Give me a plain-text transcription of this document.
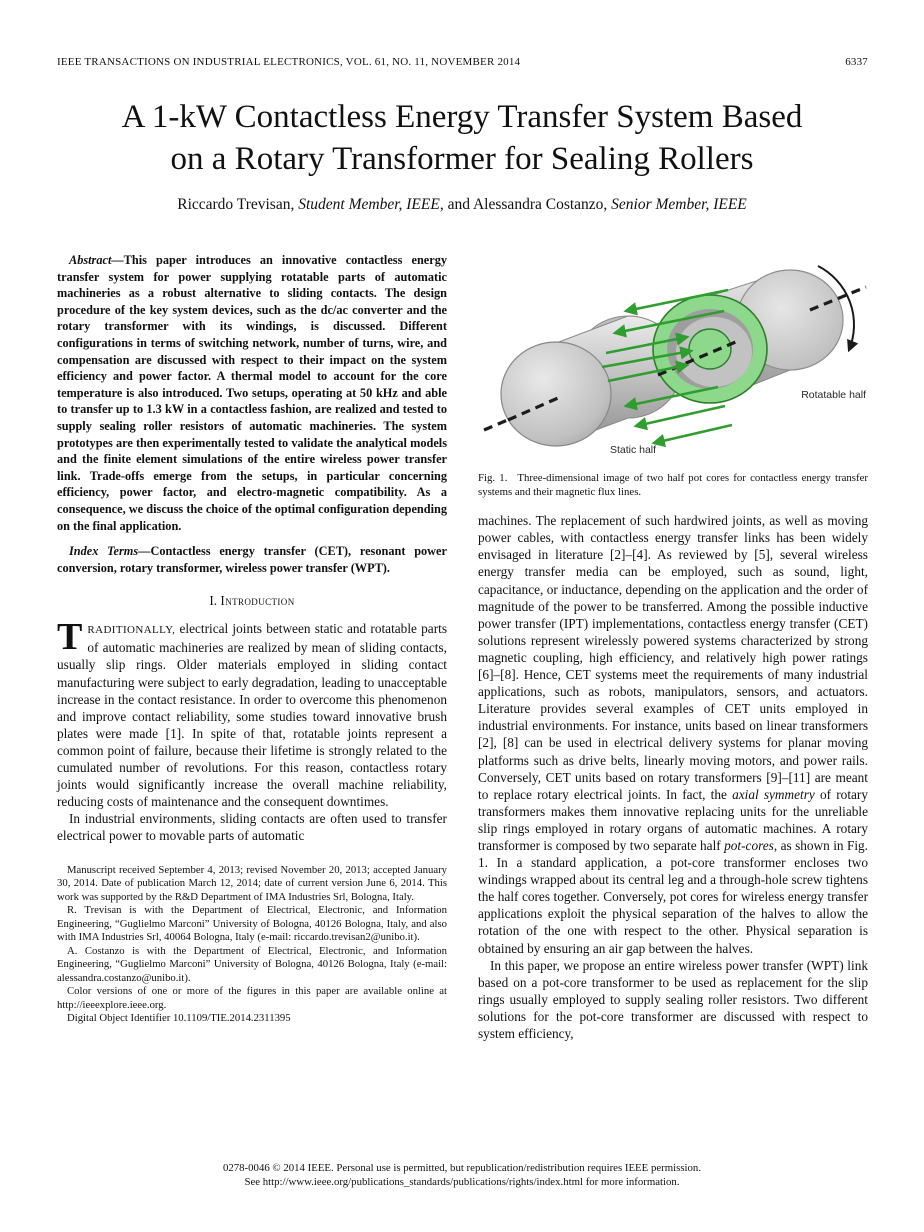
IEEE TRANSACTIONS ON INDUSTRIAL ELECTRONICS, VOL. 61, NO. 11, NOVEMBER 2014	6337
A 1-kW Contactless Energy Transfer System Based
on a Rotary Transformer for Sealing Rollers
Riccardo Trevisan, Student Member, IEEE, and Alessandra Costanzo, Senior Member, IEEE

Abstract—This paper introduces an innovative contactless energy transfer system for power supplying rotatable parts of automatic machineries as a robust alternative to sliding contacts. The design procedure of the key system devices, such as the dc/ac converter and the rotary transformer with its windings, is discussed. Different configurations in terms of switching network, number of turns, wire, and compensation are discussed with respect to their impact on the system efficiency and power factor. A thermal model to account for the core temperature is also introduced. Two setups, operating at 50 kHz and able to transfer up to 1.3 kW in a contactless fashion, are realized and tested to supply sealing roller resistors of automatic machineries. The system prototypes are then experimentally tested to validate the analytical models and the finite element simulations of the entire wireless power transfer link. Trade-offs emerge from the setups, in particular concerning efficiency, power factor, and electro-magnetic compatibility. As a consequence, we discuss the choice of the optimal configuration depending on the final application.

Index Terms—Contactless energy transfer (CET), resonant power conversion, rotary transformer, wireless power transfer (WPT).

I. Introduction

TRADITIONALLY, electrical joints between static and rotatable parts of automatic machineries are realized by mean of sliding contacts, usually slip rings. Older materials employed in sliding contact manufacturing were subject to early degradation, leading to unacceptable increase in the contact resistance. In order to overcome this phenomenon and improve contact reliability, some studies toward innovative brush plates were made [1]. In spite of that, rotatable joints represent a common point of failure, because their lifetime is strongly related to the cumulated number of revolutions. For this reason, contactless rotary joints would significantly increase the overall machine reliability, reducing costs of maintenance and the consequent downtimes.

In industrial environments, sliding contacts are often used to transfer electrical power to movable parts of automatic

Manuscript received September 4, 2013; revised November 20, 2013; accepted January 30, 2014. Date of publication March 12, 2014; date of current version June 6, 2014. This work was supported by the R&D Department of IMA Industries Srl, Bologna, Italy.

R. Trevisan is with the Department of Electrical, Electronic, and Information Engineering, “Guglielmo Marconi” University of Bologna, 40126 Bologna, Italy, and also with IMA Industries Srl, 40064 Bologna, Italy (e-mail: riccardo.trevisan2@unibo.it).

A. Costanzo is with the Department of Electrical, Electronic, and Information Engineering, “Guglielmo Marconi” University of Bologna, 40126 Bologna, Italy (e-mail: alessandra.costanzo@unibo.it).

Color versions of one or more of the figures in this paper are available online at http://ieeexplore.ieee.org.

Digital Object Identifier 10.1109/TIE.2014.2311395

Static half
Rotatable half

Fig. 1. Three-dimensional image of two half pot cores for contactless energy transfer systems and their magnetic flux lines.

machines. The replacement of such hardwired joints, as well as moving power cables, with contactless energy transfer links has been widely envisaged in literature [2]–[4]. As reviewed by [5], several wireless energy transfer media can be employed, such as sound, light, capacitance, or inductance, depending on the application and the order of magnitude of the power to be transferred. Among the possible inductive power transfer (IPT) implementations, contactless energy transfer (CET) solutions represent wirelessly powered systems characterized by strong magnetic coupling, high efficiency, and relatively high power ratings [6]–[8]. Hence, CET systems meet the requirements of many industrial applications, such as robots, manipulators, sensors, and actuators. Literature provides several examples of CET units employed in industrial environments. For instance, units based on linear transformers [2], [8] can be used in electrical delivery systems for planar moving platforms such as drive belts, linearly moving motors, and power rails. Conversely, CET units based on rotary transformers [9]–[11] are meant to replace rotary electrical joints. In fact, the axial symmetry of rotary transformers makes them innovative replacing units for the unreliable slip rings employed in rotary organs of automatic machines. A rotary transformer is composed by two separate half pot-cores, as shown in Fig. 1. In a standard application, a pot-core transformer encloses two windings wrapped about its central leg and a through-hole screw tightens the half cores together. Conversely, pot cores for wireless energy transfer applications exploit the physical separation of the halves to allow the rotation of the one with respect to the other. Physical separation is obtained by ensuring an air gap between the halves.

In this paper, we propose an entire wireless power transfer (WPT) link based on a pot-core transformer to be used as replacement for the slip rings usually employed to supply sealing roller resistors. Two different solutions for the pot-core transformer are discussed with respect to system efficiency,

0278-0046 © 2014 IEEE. Personal use is permitted, but republication/redistribution requires IEEE permission.
See http://www.ieee.org/publications_standards/publications/rights/index.html for more information.
